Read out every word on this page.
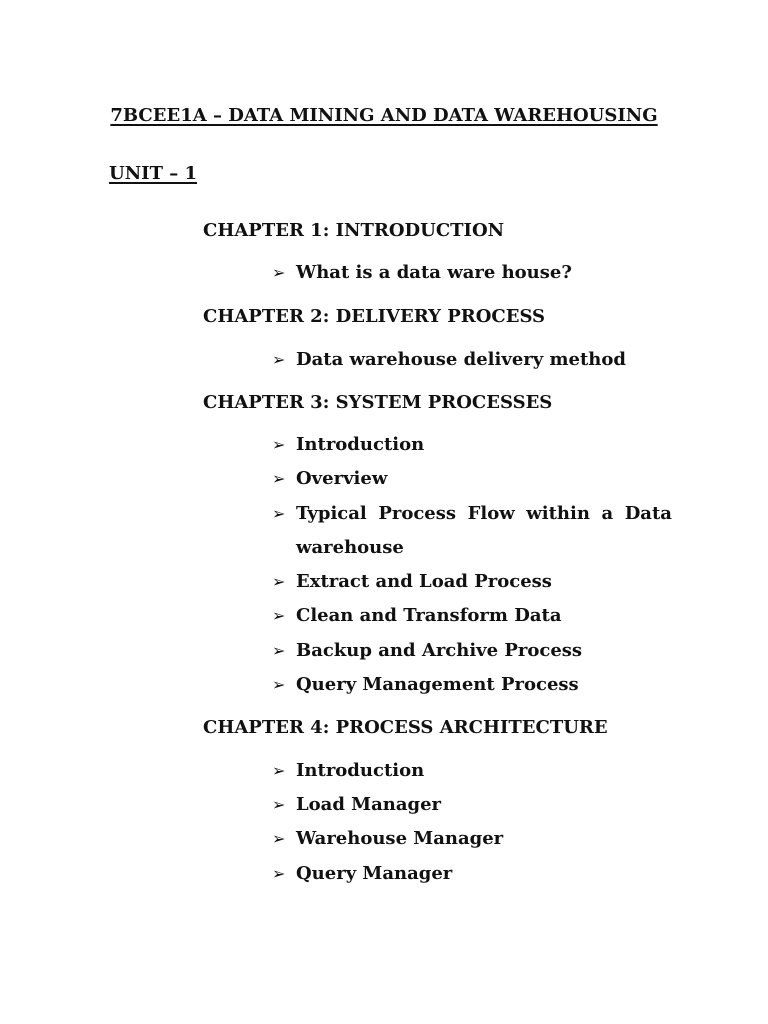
7BCEE1A – DATA MINING AND DATA WAREHOUSING
UNIT – 1
CHAPTER 1: INTRODUCTION
➢ What is a data ware house?
CHAPTER 2: DELIVERY PROCESS
➢ Data warehouse delivery method
CHAPTER 3: SYSTEM PROCESSES
➢ Introduction
➢ Overview
➢ Typical Process Flow within a Data
warehouse
➢ Extract and Load Process
➢ Clean and Transform Data
➢ Backup and Archive Process
➢ Query Management Process
CHAPTER 4: PROCESS ARCHITECTURE
➢ Introduction
➢ Load Manager
➢ Warehouse Manager
➢ Query Manager
